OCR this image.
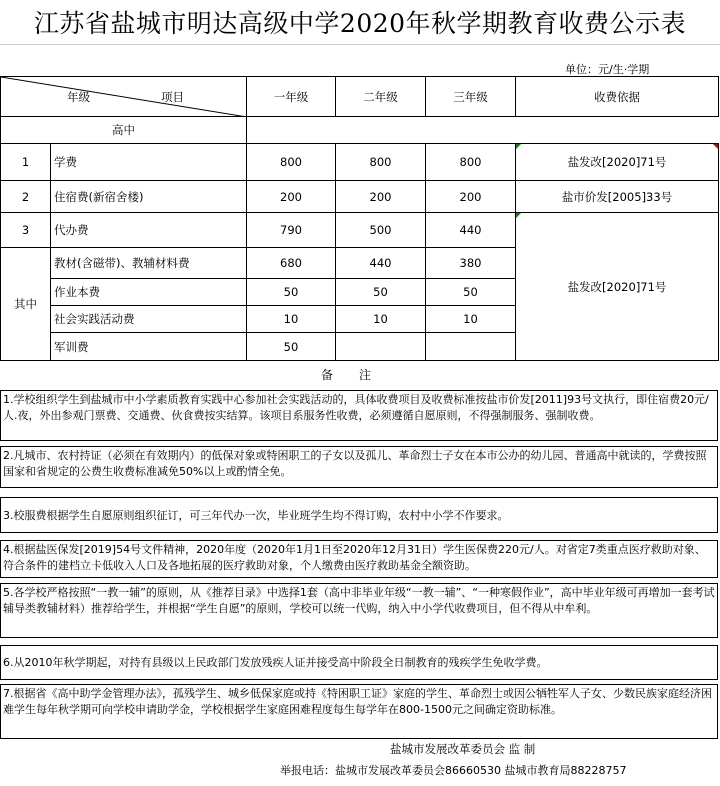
江苏省盐城市明达高级中学2020年秋学期教育收费公示表
单位：元/生·学期
年级 项目		一年级	二年级	三年级	收费依据
高中					
1	学费	800	800	800	盐发改[2020]71号

2	住宿费(新宿舍楼)	200	200	200	盐市价发[2005]33号
3	代办费	790	500	440	盐发改[2020]71号

其中	教材(含磁带)、教辅材料费	680	440	380	
	作业本费	50	50	50	
	社会实践活动费	10	10	10	
	军训费	50			
备注
1.学校组织学生到盐城市中小学素质教育实践中心参加社会实践活动的，具体收费项目及收费标准按盐市价发[2011]93号文执行，即住宿费20元/人.夜，外出参观门票费、交通费、伙食费按实结算。该项目系服务性收费，必须遵循自愿原则，不得强制服务、强制收费。
2.凡城市、农村持证（必须在有效期内）的低保对象或特困职工的子女以及孤儿、革命烈士子女在本市公办的幼儿园、普通高中就读的，学费按照国家和省规定的公费生收费标准减免50%以上或酌情全免。
3.校服费根据学生自愿原则组织征订，可三年代办一次，毕业班学生均不得订购，农村中小学不作要求。
4.根据盐医保发[2019]54号文件精神，2020年度（2020年1月1日至2020年12月31日）学生医保费220元/人。对省定7类重点医疗救助对象、符合条件的建档立卡低收入人口及各地拓展的医疗救助对象，个人缴费由医疗救助基金全额资助。
5.各学校严格按照“一教一辅”的原则，从《推荐目录》中选择1套（高中非毕业年级“一教一辅”、“一种寒假作业”，高中毕业年级可再增加一套考试辅导类教辅材料）推荐给学生，并根据“学生自愿”的原则，学校可以统一代购，纳入中小学代收费项目，但不得从中牟利。
6.从2010年秋学期起，对持有县级以上民政部门发放残疾人证并接受高中阶段全日制教育的残疾学生免收学费。
7.根据省《高中助学金管理办法》，孤残学生、城乡低保家庭或持《特困职工证》家庭的学生、革命烈士或因公牺牲军人子女、少数民族家庭经济困难学生每年秋学期可向学校申请助学金，学校根据学生家庭困难程度每生每学年在800-1500元之间确定资助标准。
盐城市发展改革委员会 监 制
举报电话：盐城市发展改革委员会86660530 盐城市教育局88228757
